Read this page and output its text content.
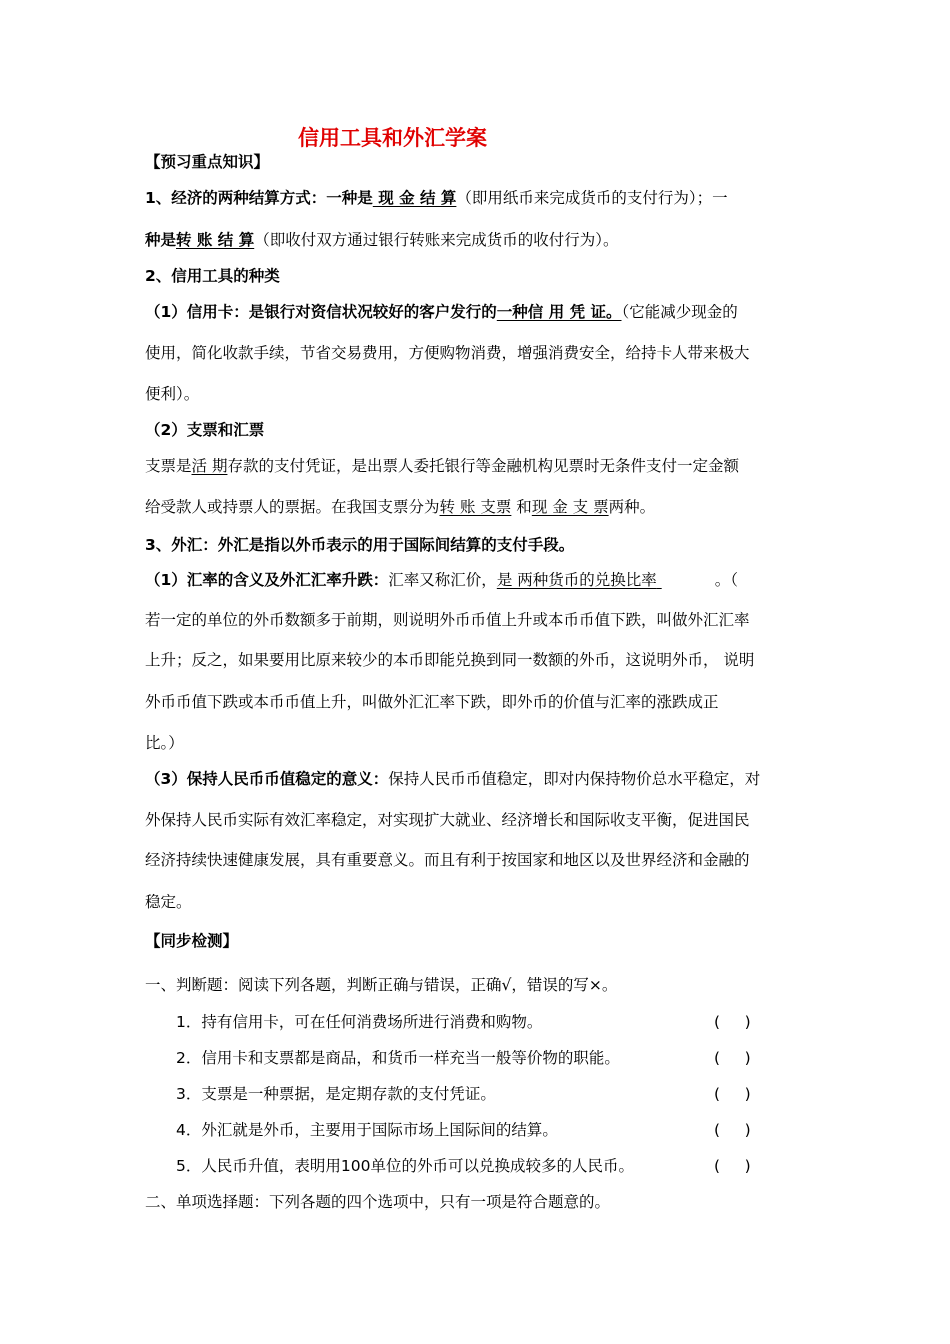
信用工具和外汇学案
【预习重点知识】
1、经济的两种结算方式：一种是 现 金 结 算（即用纸币来完成货币的支付行为）；一
种是转 账 结 算（即收付双方通过银行转账来完成货币的收付行为）。
2、信用工具的种类
（1）信用卡：是银行对资信状况较好的客户发行的一种信 用 凭 证。（它能减少现金的
使用，简化收款手续，节省交易费用，方便购物消费，增强消费安全，给持卡人带来极大
便利）。
（2）支票和汇票
支票是活 期存款的支付凭证，是出票人委托银行等金融机构见票时无条件支付一定金额
给受款人或持票人的票据。在我国支票分为转 账 支票 和现 金 支 票两种。
3、外汇：外汇是指以外币表示的用于国际间结算的支付手段。
（1）汇率的含义及外汇汇率升跌：汇率又称汇价，是 两种货币的兑换比率	。（
若一定的单位的外币数额多于前期，则说明外币币值上升或本币币值下跌，叫做外汇汇率
上升；反之，如果要用比原来较少的本币即能兑换到同一数额的外币，这说明外币， 说明
外币币值下跌或本币币值上升，叫做外汇汇率下跌，即外币的价值与汇率的涨跌成正
比。）
（3）保持人民币币值稳定的意义：保持人民币币值稳定，即对内保持物价总水平稳定，对
外保持人民币实际有效汇率稳定，对实现扩大就业、经济增长和国际收支平衡，促进国民
经济持续快速健康发展，具有重要意义。而且有利于按国家和地区以及世界经济和金融的
稳定。
【同步检测】
一、判断题：阅读下列各题，判断正确与错误，正确√，错误的写×。
1．持有信用卡，可在任何消费场所进行消费和购物。	(     )
2．信用卡和支票都是商品，和货币一样充当一般等价物的职能。	(     )
3．支票是一种票据，是定期存款的支付凭证。	(     )
4．外汇就是外币，主要用于国际市场上国际间的结算。	(     )
5．人民币升值，表明用100单位的外币可以兑换成较多的人民币。	(     )
二、单项选择题：下列各题的四个选项中，只有一项是符合题意的。
